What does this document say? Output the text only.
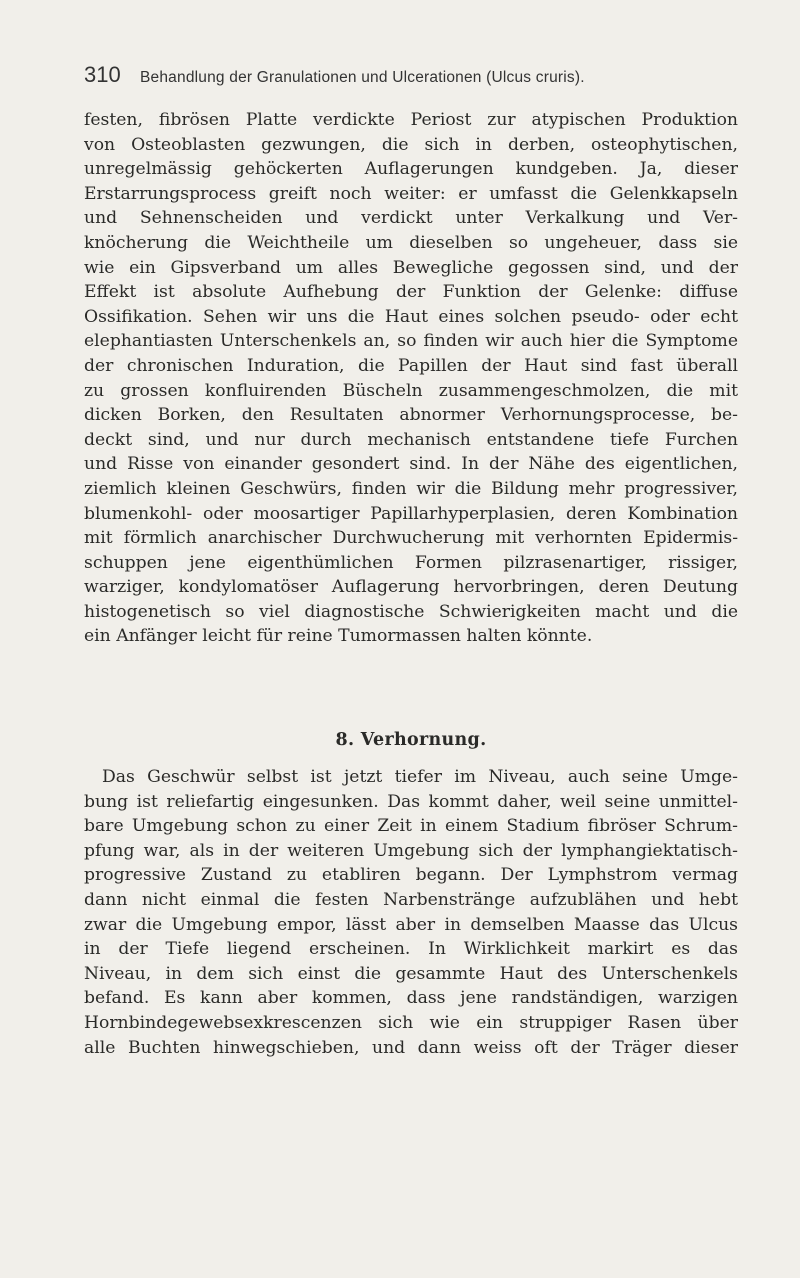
310	Behandlung der Granulationen und Ulcerationen (Ulcus cruris).
festen, fibrösen Platte verdickte Periost zur atypischen Produktion
von Osteoblasten gezwungen, die sich in derben, osteophytischen,
unregelmässig gehöckerten Auflagerungen kundgeben. Ja, dieser
Erstarrungsprocess greift noch weiter: er umfasst die Gelenkkapseln
und Sehnenscheiden und verdickt unter Verkalkung und Ver-
knöcherung die Weichtheile um dieselben so ungeheuer, dass sie
wie ein Gipsverband um alles Bewegliche gegossen sind, und der
Effekt ist absolute Aufhebung der Funktion der Gelenke: diffuse
Ossifikation. Sehen wir uns die Haut eines solchen pseudo- oder echt
elephantiasten Unterschenkels an, so finden wir auch hier die Symptome
der chronischen Induration, die Papillen der Haut sind fast überall
zu grossen konfluirenden Büscheln zusammengeschmolzen, die mit
dicken Borken, den Resultaten abnormer Verhornungsprocesse, be-
deckt sind, und nur durch mechanisch entstandene tiefe Furchen
und Risse von einander gesondert sind. In der Nähe des eigentlichen,
ziemlich kleinen Geschwürs, finden wir die Bildung mehr progressiver,
blumenkohl- oder moosartiger Papillarhyperplasien, deren Kombination
mit förmlich anarchischer Durchwucherung mit verhornten Epidermis-
schuppen jene eigenthümlichen Formen pilzrasenartiger, rissiger,
warziger, kondylomatöser Auflagerung hervorbringen, deren Deutung
histogenetisch so viel diagnostische Schwierigkeiten macht und die
ein Anfänger leicht für reine Tumormassen halten könnte.
8. Verhornung.
Das Geschwür selbst ist jetzt tiefer im Niveau, auch seine Umge-
bung ist reliefartig eingesunken. Das kommt daher, weil seine unmittel-
bare Umgebung schon zu einer Zeit in einem Stadium fibröser Schrum-
pfung war, als in der weiteren Umgebung sich der lymphangiektatisch-
progressive Zustand zu etabliren begann. Der Lymphstrom vermag
dann nicht einmal die festen Narbenstränge aufzublähen und hebt
zwar die Umgebung empor, lässt aber in demselben Maasse das Ulcus
in der Tiefe liegend erscheinen. In Wirklichkeit markirt es das
Niveau, in dem sich einst die gesammte Haut des Unterschenkels
befand. Es kann aber kommen, dass jene randständigen, warzigen
Hornbindegewebsexkrescenzen sich wie ein struppiger Rasen über
alle Buchten hinwegschieben, und dann weiss oft der Träger dieser
